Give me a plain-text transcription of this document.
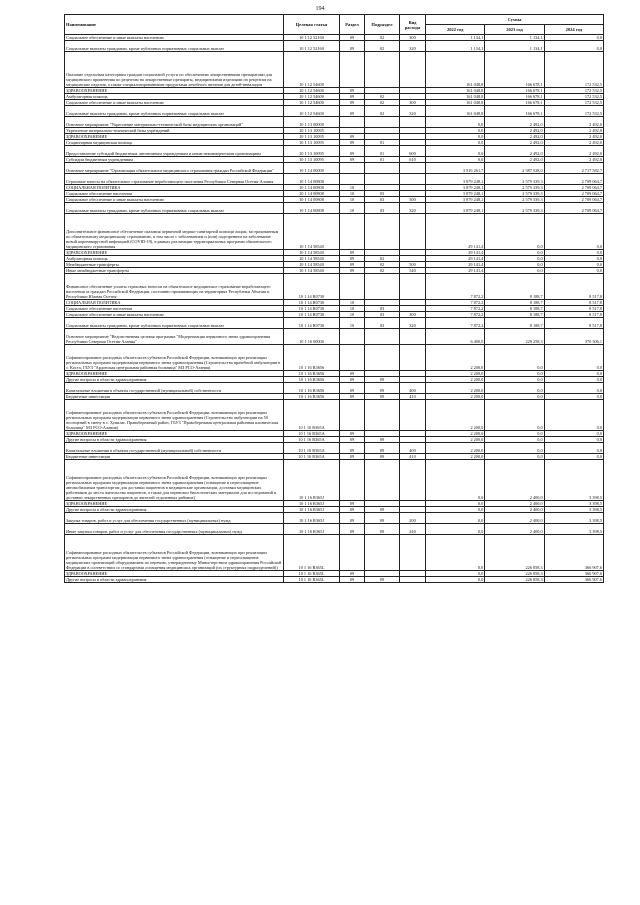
194
Наименование	Целевая статья	Раздел	Подраздел	Вид расхода	Сумма		
					2022 год	2023 год	2024 год
Социальное обеспечение и иные выплаты населению	10 1 12 52160	09	02	300	1 134,1	1 134,1	0,0
Социальные выплаты гражданам, кроме публичных нормативных социальных выплат	10 1 12 52160	09	02	320	1 134,1	1 134,1	0,0
Оказание отдельным категориям граждан социальной услуги по обеспечению лекарственными препаратами для медицинского применения по рецептам на лекарственные препараты, медицинскими изделиями по рецептам на медицинские изделия, а также специализированными продуктами лечебного питания для детей-инвалидов	10 1 12 54600				161 048,8	166 678,1	172 532,5
ЗДРАВООХРАНЕНИЕ	10 1 12 54600	09			161 048,8	166 678,1	172 532,5
Амбулаторная помощь	10 1 12 54600	09	02		161 048,8	166 678,1	172 532,5
Социальное обеспечение и иные выплаты населению	10 1 12 54600	09	02	300	161 048,8	166 678,1	172 532,5
Социальные выплаты гражданам, кроме публичных нормативных социальных выплат	10 1 12 54600	09	02	320	161 048,8	166 678,1	172 532,5
Основное мероприятие "Укрепление материально-технической базы медицинских организаций"	10 1 13 00000				0,0	2 492,0	2 492,0
Укрепление материально-технической базы учреждений	10 1 13 10095				0,0	2 492,0	2 492,0
ЗДРАВООХРАНЕНИЕ	10 1 13 10095	09			0,0	2 492,0	2 492,0
Стационарная медицинская помощь	10 1 13 10095	09	01		0,0	2 492,0	2 492,0
Предоставление субсидий бюджетным, автономным учреждениям и иным некоммерческим организациям	10 1 13 10095	09	01	600	0,0	2 492,0	2 492,0
Субсидии бюджетным учреждениям	10 1 13 10095	09	01	610	0,0	2 492,0	2 492,0
Основное мероприятие "Организация обязательного медицинского страхования граждан Российской Федерации"	10 1 14 00000				3 916 261,7	2 587 528,0	2 717 582,7
Страховые взносы на обязательное страхование неработающего населения Республики Северная Осетия-Алания	10 1 14 00808				3 879 248,1	2 579 339,3	2 709 064,7
СОЦИАЛЬНАЯ ПОЛИТИКА	10 1 14 00808	10			3 879 248,1	2 579 339,3	2 709 064,7
Социальное обеспечение населения	10 1 14 00808	10	03		3 879 248,1	2 579 339,3	2 709 064,7
Социальное обеспечение и иные выплаты населению	10 1 14 00808	10	03	300	3 879 248,1	2 579 339,3	2 709 064,7
Социальные выплаты гражданам, кроме публичных нормативных социальных выплат	10 1 14 00808	10	03	320	3 879 248,1	2 579 339,3	2 709 064,7
Дополнительное финансовое обеспечение оказания первичной медико-санитарной помощи лицам, застрахованным по обязательному медицинскому страхованию, в том числе с заболеванием и (или) подозрением на заболевание новой коронавирусной инфекцией (COVID-19), в рамках реализации территориальных программ обязательного медицинского страхования	10 1 14 58540				29 141,4	0,0	0,0
ЗДРАВООХРАНЕНИЕ	10 1 14 58540	09			29 141,4	0,0	0,0
Амбулаторная помощь	10 1 14 58540	09	02		29 141,4	0,0	0,0
Межбюджетные трансферты	10 1 14 58540	09	02	500	29 141,4	0,0	0,0
Иные межбюджетные трансферты	10 1 14 58540	09	02	540	29 141,4	0,0	0,0
Финансовое обеспечение уплаты страховых взносов на обязательное медицинское страхование неработающего населения за граждан Российской Федерации, постоянно проживающих на территориях Республики Абхазия и Республики Южная Осетия	10 1 14 R0730				7 872,2	8 188,7	8 517,8
СОЦИАЛЬНАЯ ПОЛИТИКА	10 1 14 R0730	10			7 872,2	8 188,7	8 517,8
Социальное обеспечение населения	10 1 14 R0730	10	03		7 872,2	8 188,7	8 517,8
Социальное обеспечение и иные выплаты населению	10 1 14 R0730	10	03	300	7 872,2	8 188,7	8 517,8
Социальные выплаты гражданам, кроме публичных нормативных социальных выплат	10 1 14 R0730	10	03	320	7 872,2	8 188,7	8 517,8
Основное мероприятие "Ведомственная целевая программа "Модернизация первичного звена здравоохранения Республики Северная Осетия-Алания"	10 1 16 00000				6 400,0	229 258,3	370 306,1
Софинансирование расходных обязательств субъектов Российской Федерации, возникающих при реализации региональных программ модернизации первичного звена здравоохранения (Строительство врачебной амбулатории в с. Коста, ГБУЗ "Ардонская центральная районная больница" МЗ РСО-Алания)	10 1 16 R3656				2 200,0	0,0	0,0
ЗДРАВООХРАНЕНИЕ	10 1 16 R3656	09			2 200,0	0,0	0,0
Другие вопросы в области здравоохранения	10 1 16 R3656	09	09		2 200,0	0,0	0,0
Капитальные вложения в объекты государственной (муниципальной) собственности	10 1 16 R3656	09	09	400	2 200,0	0,0	0,0
Бюджетные инвестиции	10 1 16 R3656	09	09	410	2 200,0	0,0	0,0
Софинансирование расходных обязательств субъектов Российской Федерации, возникающих при реализации региональных программ модернизации первичного звена здравоохранения (Строительство амбулатории на 50 посещений в смену в с. Хумалаг, Правобережный район, ГБУЗ "Правобережная центральная районная клиническая больница" МЗ РСО-Алания)	10 1 16 R365A				2 200,0	0,0	0,0
ЗДРАВООХРАНЕНИЕ	10 1 16 R365A	09			2 200,0	0,0	0,0
Другие вопросы в области здравоохранения	10 1 16 R365A	09	09		2 200,0	0,0	0,0
Капитальные вложения в объекты государственной (муниципальной) собственности	10 1 16 R365A	09	09	400	2 200,0	0,0	0,0
Бюджетные инвестиции	10 1 16 R365A	09	09	410	2 200,0	0,0	0,0
Софинансирование расходных обязательств субъектов Российской Федерации, возникающих при реализации региональных программ модернизации первичного звена здравоохранения (оснащение и переоснащение автомобильным транспортом для доставки пациентов в медицинские организации, доставки медицинских работников до места жительства пациентов, а также для перевозки биологических материалов для исследований и доставки лекарственных препаратов до жителей отдаленных районов)	10 1 16 R365J				0,0	2 400,0	3 398,5
ЗДРАВООХРАНЕНИЕ	10 1 16 R365J	09			0,0	2 400,0	3 398,5
Другие вопросы в области здравоохранения	10 1 16 R365J	09	09		0,0	2 400,0	3 398,5
Закупка товаров, работ и услуг для обеспечения государственных (муниципальных) нужд	10 1 16 R365J	09	09	200	0,0	2 400,0	3 398,5
Иные закупки товаров, работ и услуг для обеспечения государственных (муниципальных) нужд	10 1 16 R365J	09	09	240	0,0	2 400,0	3 398,5
Софинансирование расходных обязательств субъектов Российской Федерации, возникающих при реализации региональных программ модернизации первичного звена здравоохранения (оснащение и переоснащение медицинских организаций оборудованием по перечню, утвержденному Министерством здравоохранения Российской Федерации в соответствии со стандартами оснащения медицинских организаций (их структурных подразделений))	10 1 16 R365L				0,0	226 858,3	366 907,6
ЗДРАВООХРАНЕНИЕ	10 1 16 R365L	09			0,0	226 858,3	366 907,6
Другие вопросы в области здравоохранения	10 1 16 R365L	09	09		0,0	226 858,3	366 907,6
